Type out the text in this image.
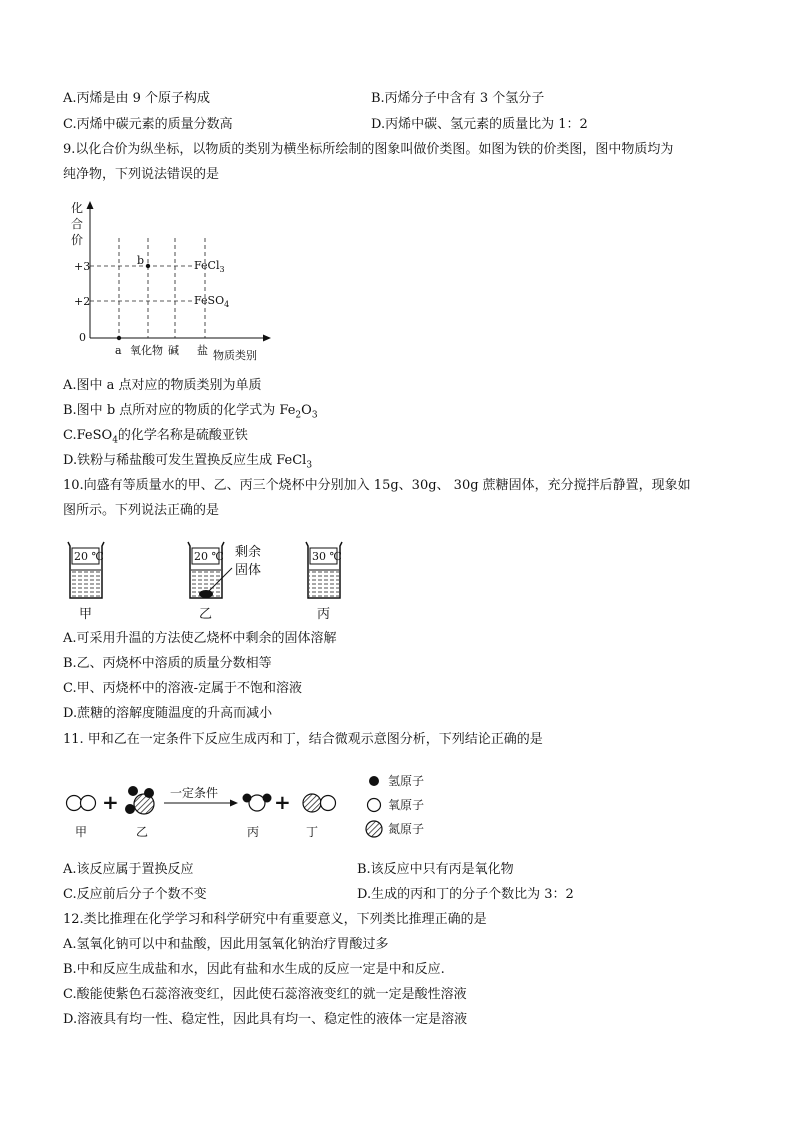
A.丙烯是由 9 个原子构成	B.丙烯分子中含有 3 个氢分子
C.丙烯中碳元素的质量分数高	D.丙烯中碳、氢元素的质量比为 1：2
9.以化合价为纵坐标，以物质的类别为横坐标所绘制的图象叫做价类图。如图为铁的价类图，图中物质均为
纯净物，下列说法错误的是
化
合
价
+3
+2
0
b	FeCl$_3$
FeSO$_4$
a 氧化物 碱 盐 物质类别
A.图中 a 点对应的物质类别为单质
B.图中 b 点所对应的物质的化学式为 $Fe_2O_3$
C.FeSO$_4$的化学名称是硫酸亚铁
D.铁粉与稀盐酸可发生置换反应生成 FeCl$_3$
10.向盛有等质量水的甲、乙、丙三个烧杯中分别加入 15g、30g、 30g 蔗糖固体，充分搅拌后静置，现象如
图所示。下列说法正确的是
20 ℃
甲
20 ℃ 剩余
固体
乙
30 ℃
丙
A.可采用升温的方法使乙烧杯中剩余的固体溶解
B.乙、丙烧杯中溶质的质量分数相等
C.甲、丙烧杯中的溶液-定属于不饱和溶液
D.蔗糖的溶解度随温度的升高而减小
11. 甲和乙在一定条件下反应生成丙和丁，结合微观示意图分析，下列结论正确的是
甲
+
乙
一定条件
丙
+
丁
氢原子
氧原子
氮原子
A.该反应属于置换反应	B.该反应中只有丙是氧化物
C.反应前后分子个数不变	D.生成的丙和丁的分子个数比为 3：2
12.类比推理在化学学习和科学研究中有重要意义，下列类比推理正确的是
A.氢氧化钠可以中和盐酸，因此用氢氧化钠治疗胃酸过多
B.中和反应生成盐和水，因此有盐和水生成的反应一定是中和反应.
C.酸能使紫色石蕊溶液变红，因此使石蕊溶液变红的就一定是酸性溶液
D.溶液具有均一性、稳定性，因此具有均一、稳定性的液体一定是溶液
